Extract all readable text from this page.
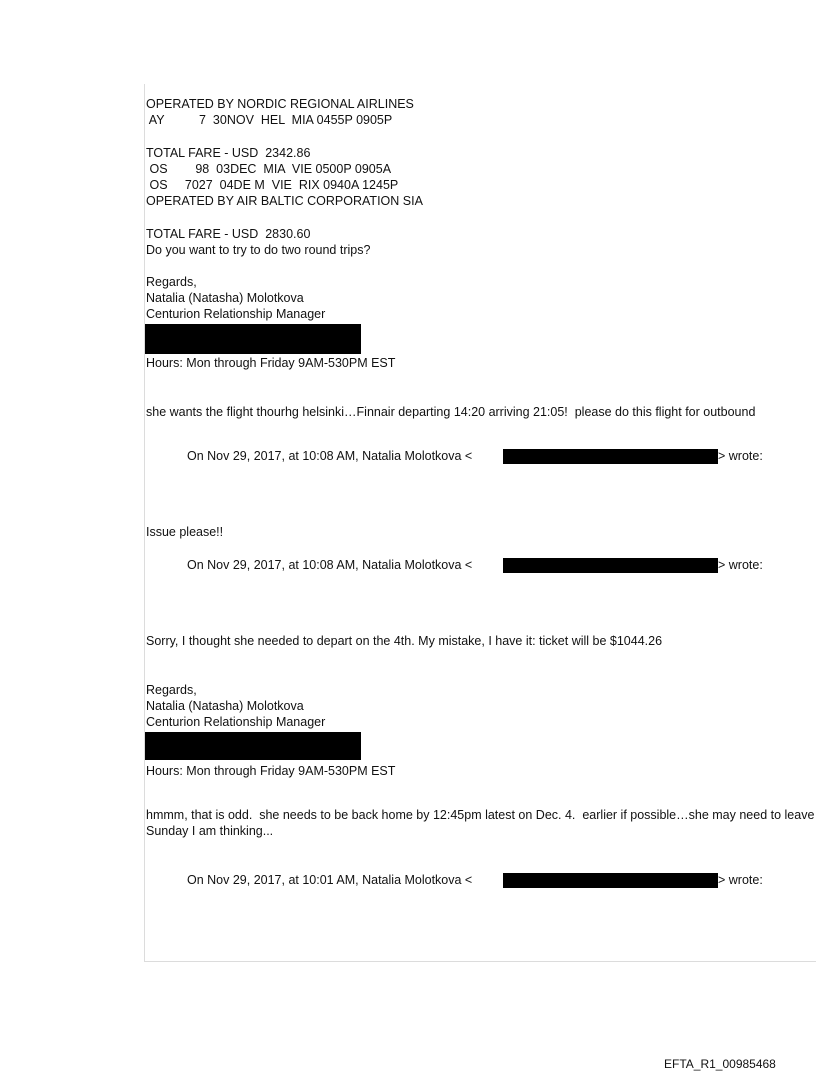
OPERATED BY NORDIC REGIONAL AIRLINES

AY          7  30NOV  HEL  MIA 0455P 0905P

TOTAL FARE - USD  2342.86

OS        98  03DEC  MIA  VIE 0500P 0905A

OS     7027  04DE M  VIE  RIX 0940A 1245P

OPERATED BY AIR BALTIC CORPORATION SIA

TOTAL FARE - USD  2830.60

Do you want to try to do two round trips?

Regards,

Natalia (Natasha) Molotkova

Centurion Relationship Manager

Hours: Mon through Friday 9AM-530PM EST

she wants the flight thourhg helsinki…Finnair departing 14:20 arriving 21:05!  please do this flight for outbound

On Nov 29, 2017, at 10:08 AM, Natalia Molotkova <	> wrote:

Issue please!!

On Nov 29, 2017, at 10:08 AM, Natalia Molotkova <	> wrote:

Sorry, I thought she needed to depart on the 4th. My mistake, I have it: ticket will be $1044.26

Regards,

Natalia (Natasha) Molotkova

Centurion Relationship Manager

Hours: Mon through Friday 9AM-530PM EST

hmmm, that is odd.  she needs to be back home by 12:45pm latest on Dec. 4.  earlier if possible…she may need to leave

Sunday I am thinking...

On Nov 29, 2017, at 10:01 AM, Natalia Molotkova <	> wrote:

EFTA_R1_00985468
